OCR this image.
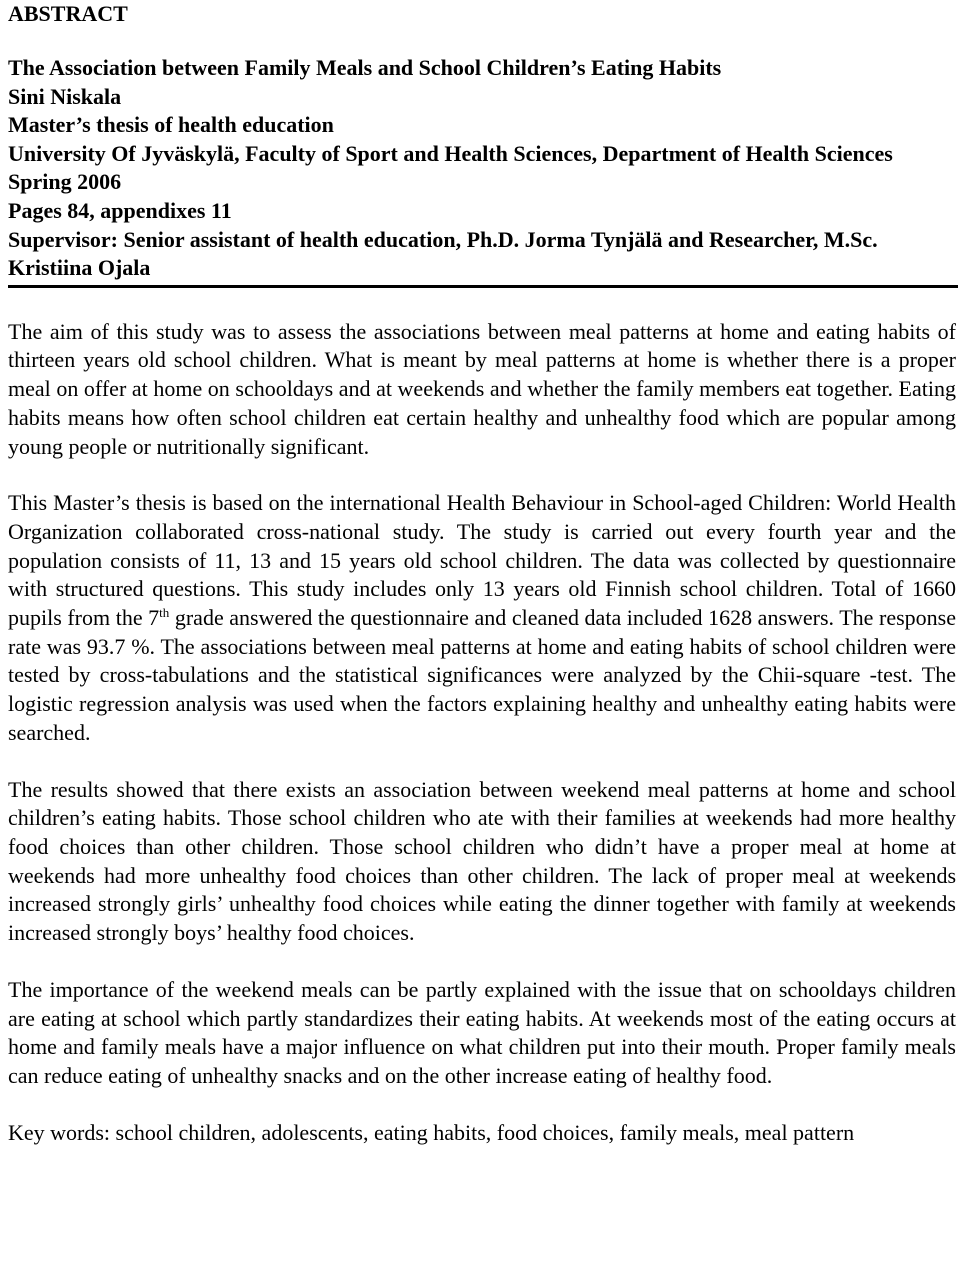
ABSTRACT
The Association between Family Meals and School Children’s Eating Habits
Sini Niskala
Master’s thesis of health education
University Of Jyväskylä, Faculty of Sport and Health Sciences, Department of Health Sciences
Spring 2006
Pages 84, appendixes 11
Supervisor: Senior assistant of health education, Ph.D. Jorma Tynjälä and Researcher, M.Sc. Kristiina Ojala

The aim of this study was to assess the associations between meal patterns at home and eating habits of thirteen years old school children. What is meant by meal patterns at home is whether there is a proper meal on offer at home on schooldays and at weekends and whether the family members eat together. Eating habits means how often school children eat certain healthy and unhealthy food which are popular among young people or nutritionally significant.

This Master’s thesis is based on the international Health Behaviour in School-aged Children: World Health Organization collaborated cross-national study. The study is carried out every fourth year and the population consists of 11, 13 and 15 years old school children. The data was collected by questionnaire with structured questions. This study includes only 13 years old Finnish school children. Total of 1660 pupils from the 7th grade answered the questionnaire and cleaned data included 1628 answers. The response rate was 93.7 %. The associations between meal patterns at home and eating habits of school children were tested by cross-tabulations and the statistical significances were analyzed by the Chii-square -test. The logistic regression analysis was used when the factors explaining healthy and unhealthy eating habits were searched.

The results showed that there exists an association between weekend meal patterns at home and school children’s eating habits. Those school children who ate with their families at weekends had more healthy food choices than other children. Those school children who didn’t have a proper meal at home at weekends had more unhealthy food choices than other children. The lack of proper meal at weekends increased strongly girls’ unhealthy food choices while eating the dinner together with family at weekends increased strongly boys’ healthy food choices.

The importance of the weekend meals can be partly explained with the issue that on schooldays children are eating at school which partly standardizes their eating habits. At weekends most of the eating occurs at home and family meals have a major influence on what children put into their mouth. Proper family meals can reduce eating of unhealthy snacks and on the other increase eating of healthy food.

Key words: school children, adolescents, eating habits, food choices, family meals, meal pattern
